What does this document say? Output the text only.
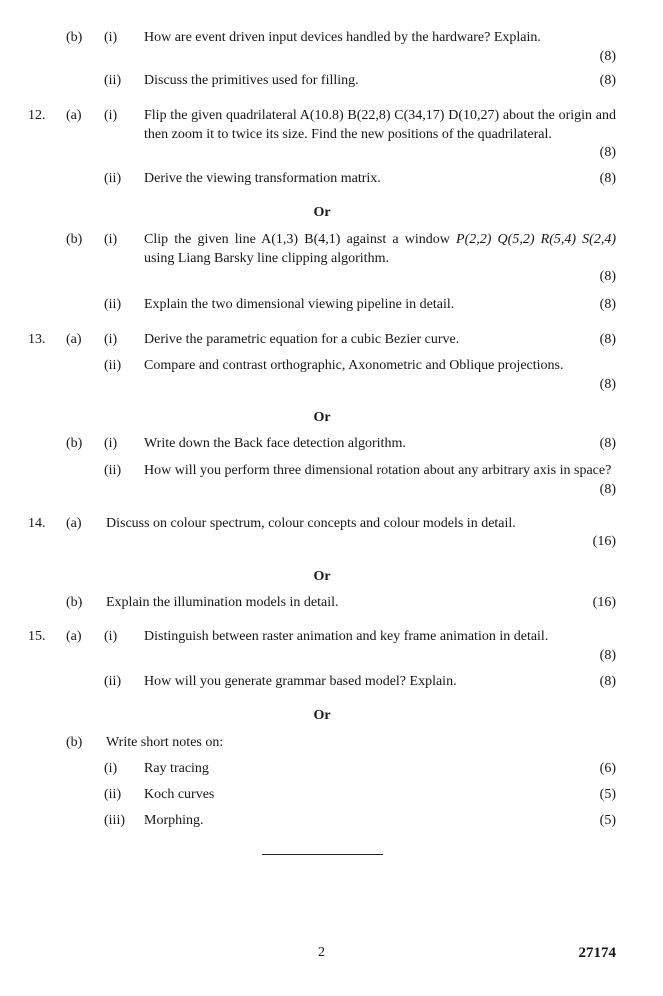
(b) (i) How are event driven input devices handled by the hardware? Explain.
(8)
(ii) Discuss the primitives used for filling.	(8)
12. (a) (i) Flip the given quadrilateral A(10.8) B(22,8) C(34,17) D(10,27) about the origin and then zoom it to twice its size. Find the new positions of the quadrilateral.
(8)
(ii) Derive the viewing transformation matrix.	(8)
Or
(b) (i) Clip the given line A(1,3) B(4,1) against a window P(2,2) Q(5,2) R(5,4) S(2,4) using Liang Barsky line clipping algorithm.
(8)
(ii) Explain the two dimensional viewing pipeline in detail.	(8)
13. (a) (i) Derive the parametric equation for a cubic Bezier curve.	(8)
(ii) Compare and contrast orthographic, Axonometric and Oblique projections.
(8)
Or
(b) (i) Write down the Back face detection algorithm.	(8)
(ii) How will you perform three dimensional rotation about any arbitrary axis in space?
(8)
14. (a) Discuss on colour spectrum, colour concepts and colour models in detail.
(16)
Or
(b) Explain the illumination models in detail.	(16)
15. (a) (i) Distinguish between raster animation and key frame animation in detail.
(8)
(ii) How will you generate grammar based model? Explain.	(8)
Or
(b) Write short notes on:
(i) Ray tracing	(6)
(ii) Koch curves	(5)
(iii) Morphing.	(5)
2	27174
